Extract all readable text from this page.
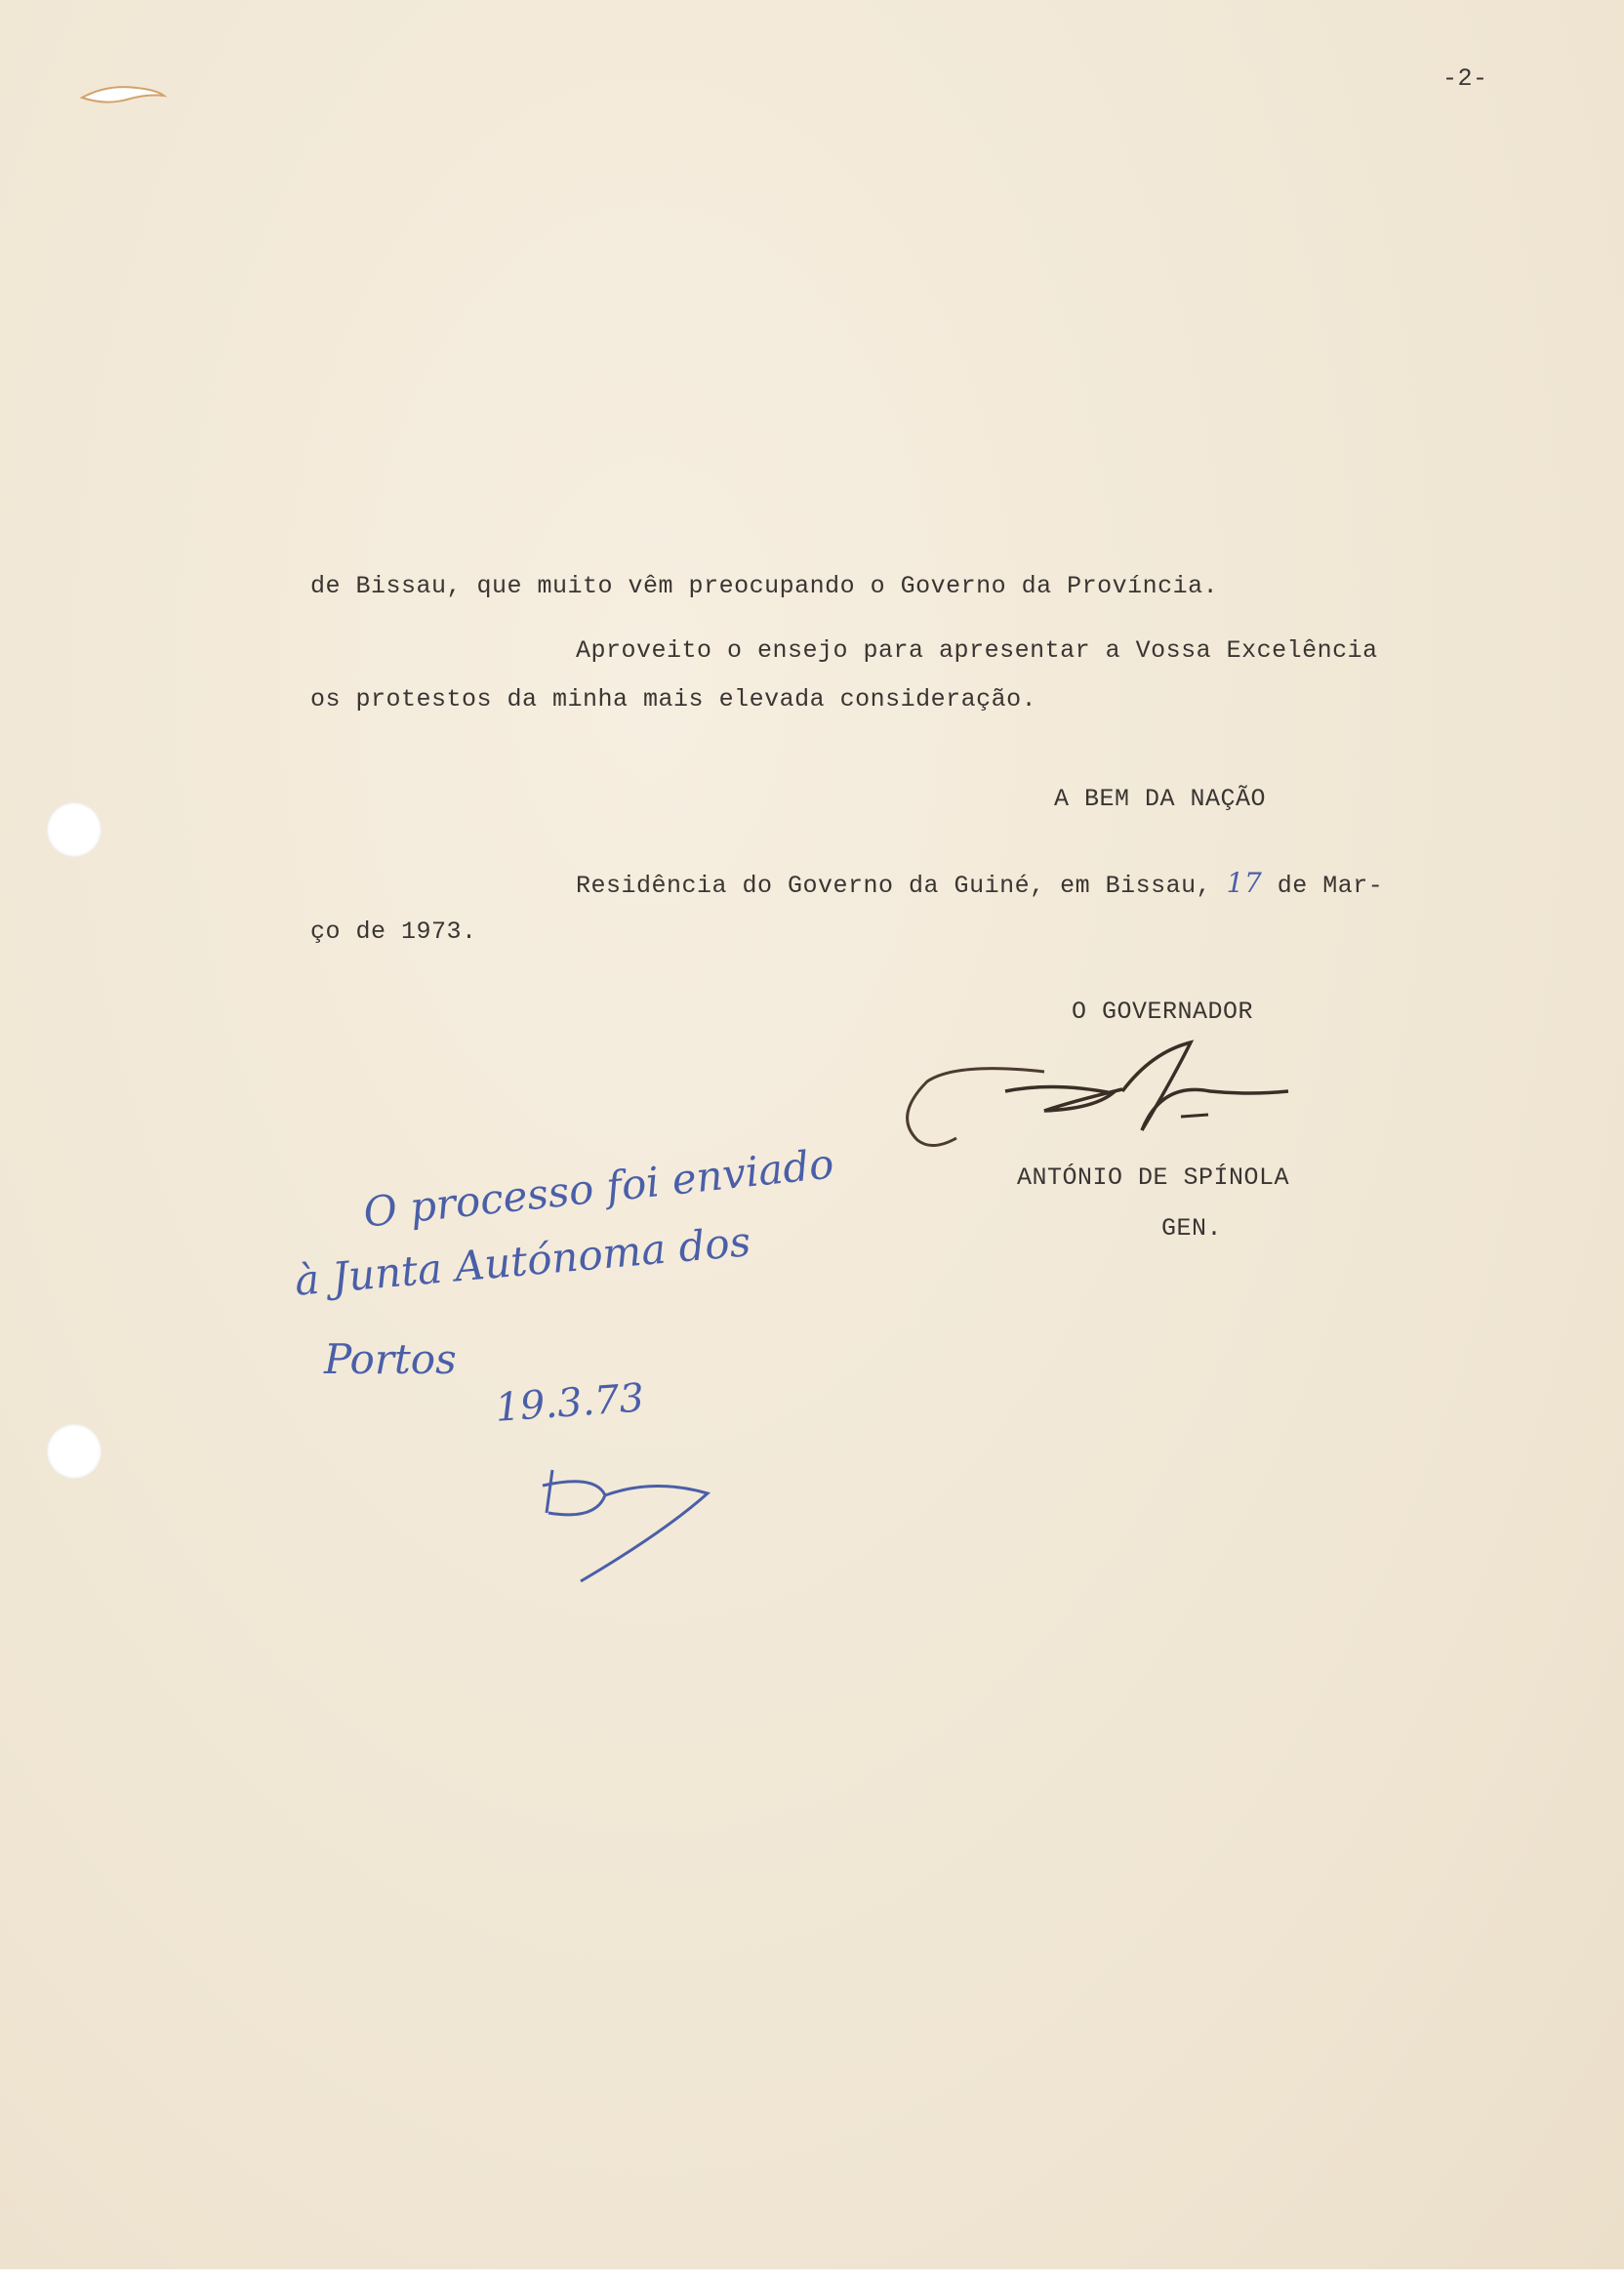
-2-
de Bissau, que muito vêm preocupando o Governo da Província.
Aproveito o ensejo para apresentar a Vossa Excelência
os protestos da minha mais elevada consideração.
A BEM DA NAÇÃO
Residência do Governo da Guiné, em Bissau, 17 de Mar-
ço de 1973.
O GOVERNADOR
ANTÓNIO DE SPÍNOLA
GEN.
O processo foi enviado
à Junta Autónoma dos
Portos
19.3.73
